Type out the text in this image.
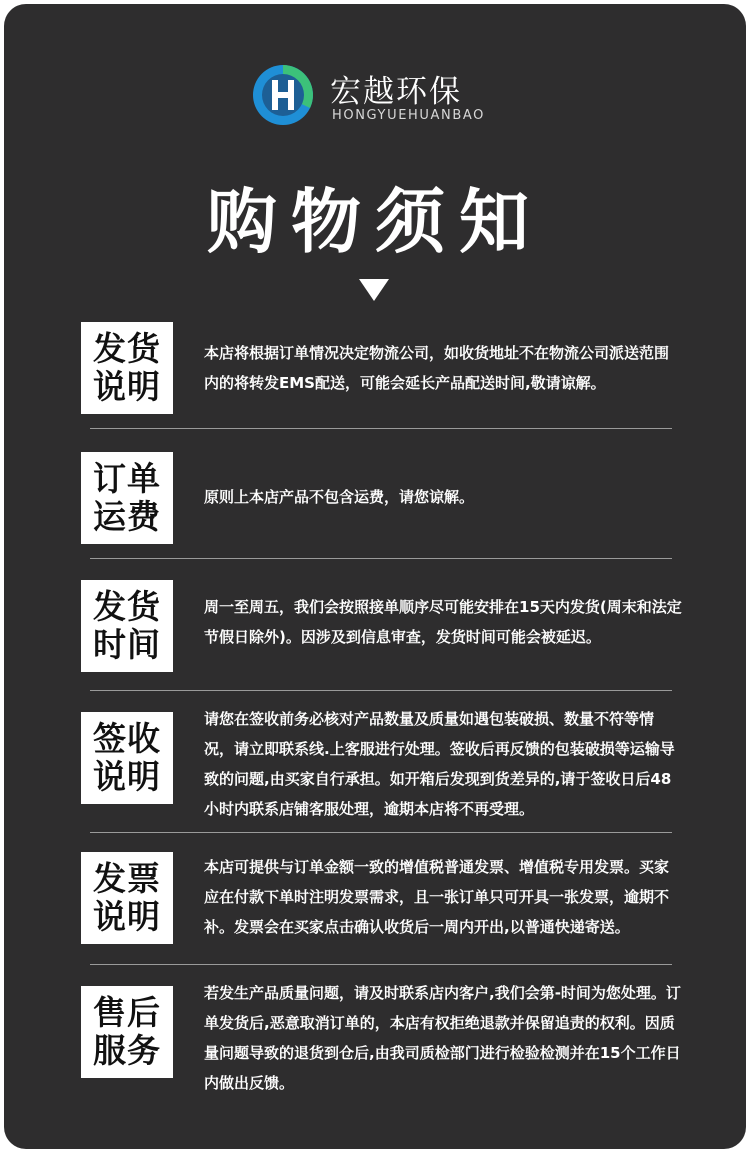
宏越环保
HONGYUEHUANBAO
购物须知
发货
说明
本店将根据订单情况决定物流公司，如收货地址不在物流公司派送范围内的将转发EMS配送，可能会延长产品配送时间,敬请谅解。
订单
运费	原则上本店产品不包含运费，请您谅解。
发货
时间
周一至周五，我们会按照接单顺序尽可能安排在15天内发货(周末和法定节假日除外)。因涉及到信息审查，发货时间可能会被延迟。
签收
说明
请您在签收前务必核对产品数量及质量如遇包装破损、数量不符等情况，请立即联系线.上客服进行处理。签收后再反馈的包装破损等运输导致的问题,由买家自行承担。如开箱后发现到货差异的,请于签收日后48小时内联系店铺客服处理，逾期本店将不再受理。
发票
说明
本店可提供与订单金额一致的增值税普通发票、增值税专用发票。买家应在付款下单时注明发票需求，且一张订单只可开具一张发票，逾期不补。发票会在买家点击确认收货后一周内开出,以普通快递寄送。
售后
服务
若发生产品质量问题，请及时联系店内客户,我们会第-时间为您处理。订单发货后,恶意取消订单的，本店有权拒绝退款并保留追责的权利。因质量问题导致的退货到仓后,由我司质检部门进行检验检测并在15个工作日内做出反馈。
